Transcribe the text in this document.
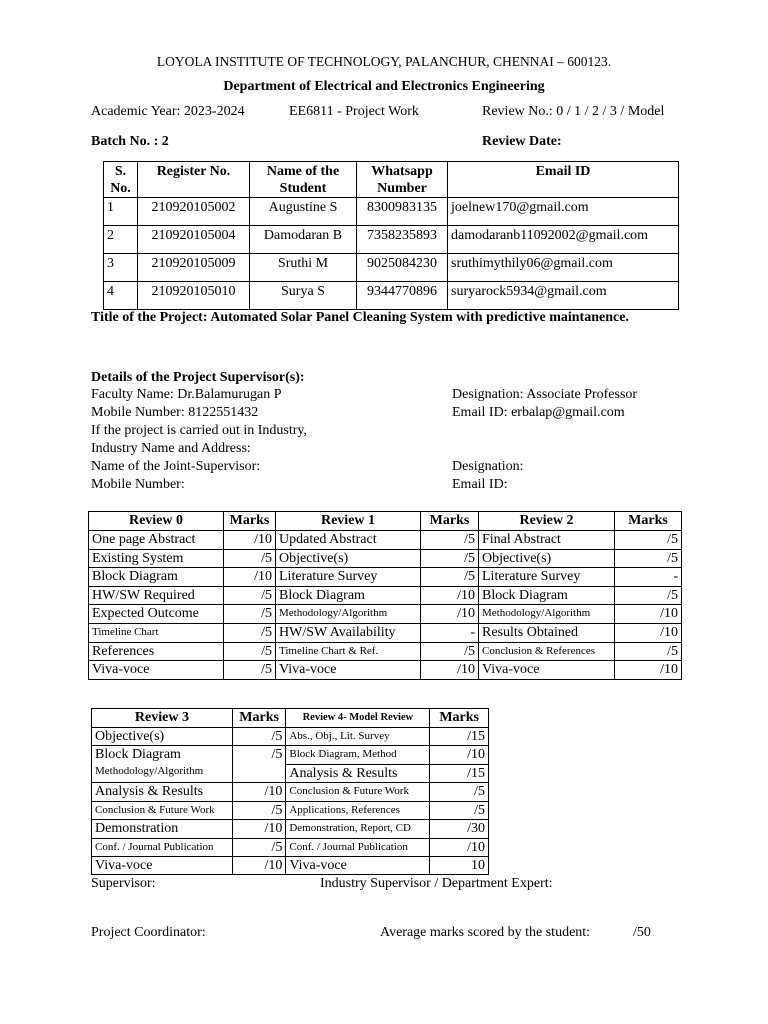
LOYOLA INSTITUTE OF TECHNOLOGY, PALANCHUR, CHENNAI – 600123.
Department of Electrical and Electronics Engineering
Academic Year: 2023-2024	EE6811 - Project Work	Review No.: 0 / 1 / 2 / 3 / Model
Batch No. : 2	Review Date:
S. No.	Register No.	Name of the Student	Whatsapp Number	Email ID
1	210920105002	Augustine S	8300983135	joelnew170@gmail.com
2	210920105004	Damodaran B	7358235893	damodaranb11092002@gmail.com
3	210920105009	Sruthi M	9025084230	sruthimythily06@gmail.com
4	210920105010	Surya S	9344770896	suryarock5934@gmail.com
Title of the Project: Automated Solar Panel Cleaning System with predictive maintanence.
Details of the Project Supervisor(s):
Faculty Name: Dr.Balamurugan P	Designation: Associate Professor
Mobile Number: 8122551432	Email ID: erbalap@gmail.com
If the project is carried out in Industry,
Industry Name and Address:
Name of the Joint-Supervisor:	Designation:
Mobile Number:	Email ID:
Review 0	Marks	Review 1	Marks	Review 2	Marks
One page Abstract	/10	Updated Abstract	/5	Final Abstract	/5
Existing System	/5	Objective(s)	/5	Objective(s)	/5
Block Diagram	/10	Literature Survey	/5	Literature Survey	-
HW/SW Required	/5	Block Diagram	/10	Block Diagram	/5
Expected Outcome	/5	Methodology/Algorithm	/10	Methodology/Algorithm	/10
Timeline Chart	/5	HW/SW Availability	-	Results Obtained	/10
References	/5	Timeline Chart & Ref.	/5	Conclusion & References	/5
Viva-voce	/5	Viva-voce	/10	Viva-voce	/10
Review 3	Marks	Review 4- Model Review	Marks
Objective(s)	/5	Abs., Obj., Lit. Survey	/15
Block Diagram
Methodology/Algorithm	/5	Block Diagram, Method	/10
		Analysis & Results	/15
Analysis & Results	/10	Conclusion & Future Work	/5
Conclusion & Future Work	/5	Applications, References	/5
Demonstration	/10	Demonstration, Report, CD	/30
Conf. / Journal Publication	/5	Conf. / Journal Publication	/10
Viva-voce	/10	Viva-voce	10
Supervisor:	Industry Supervisor / Department Expert:
Project Coordinator:	Average marks scored by the student:	/50
